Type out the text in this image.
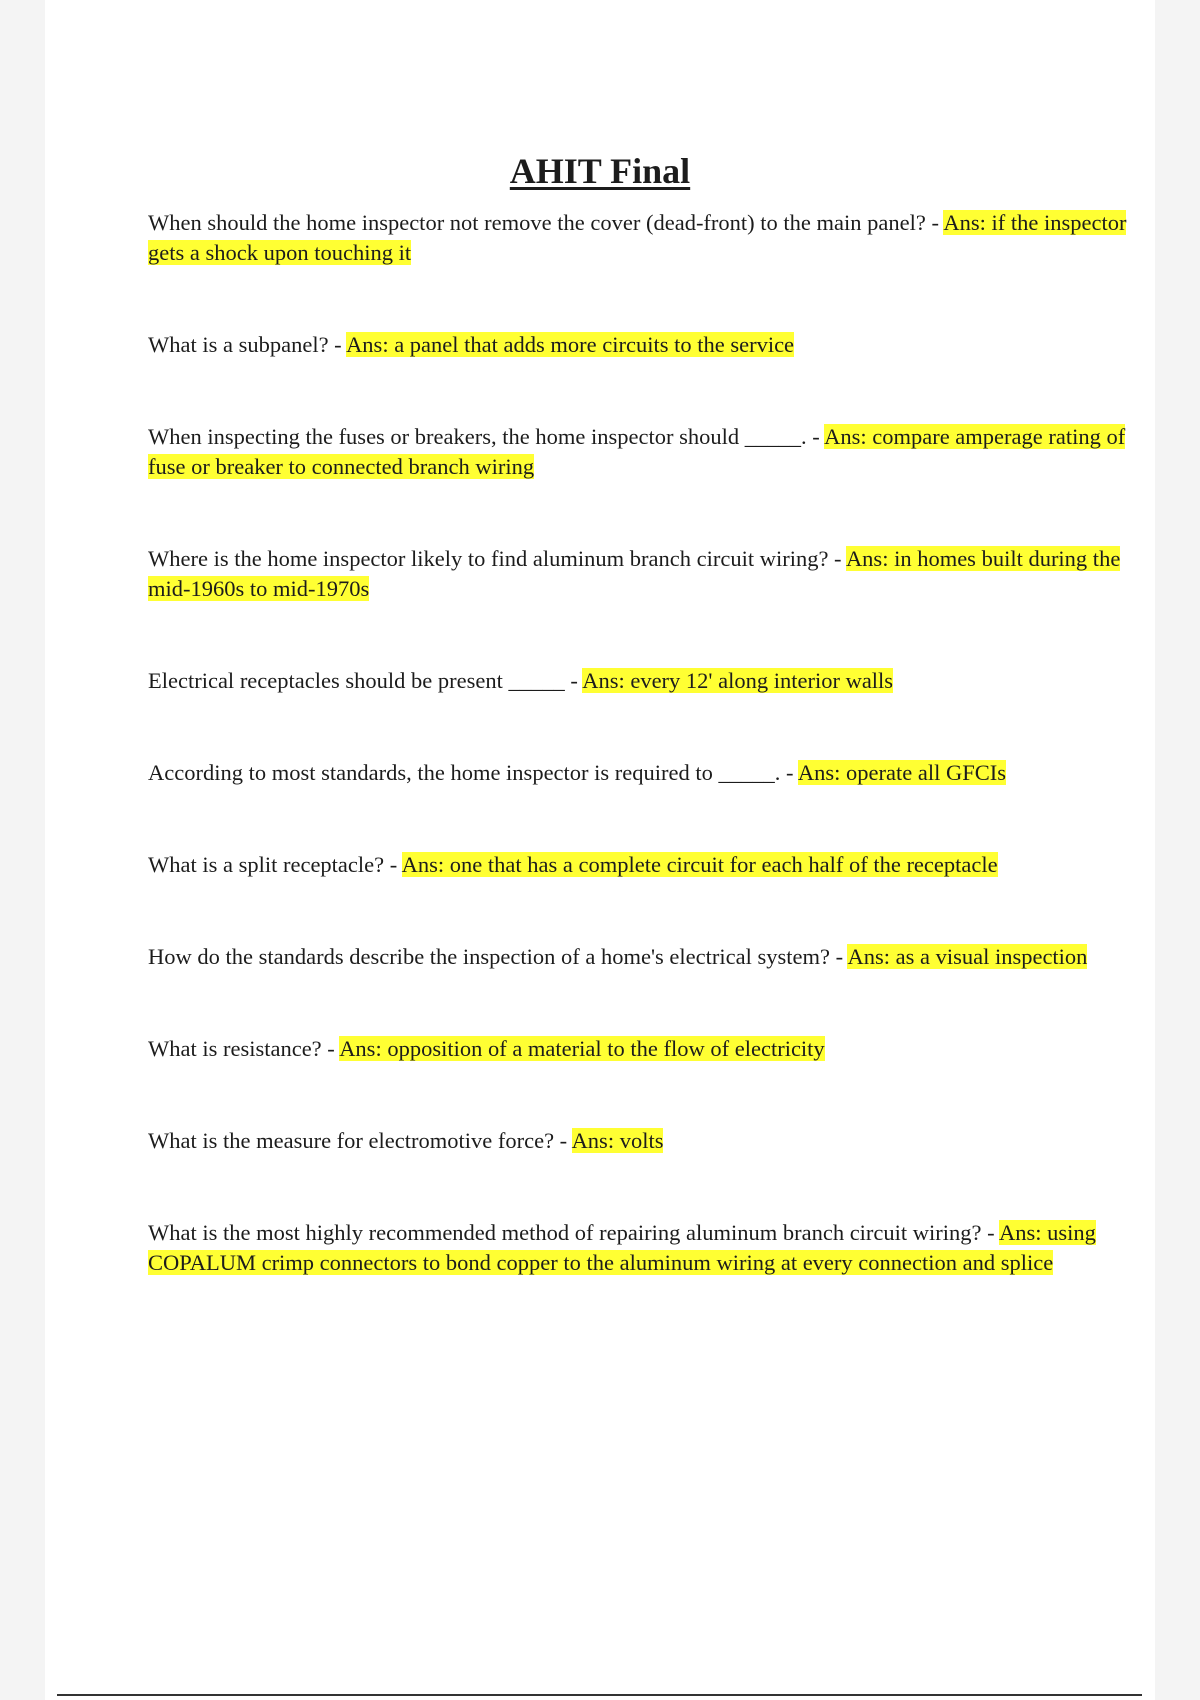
AHIT Final
When should the home inspector not remove the cover (dead-front) to the main panel? - Ans: if the inspector gets a shock upon touching it
What is a subpanel? - Ans: a panel that adds more circuits to the service
When inspecting the fuses or breakers, the home inspector should _____. - Ans: compare amperage rating of fuse or breaker to connected branch wiring
Where is the home inspector likely to find aluminum branch circuit wiring? - Ans: in homes built during the mid-1960s to mid-1970s
Electrical receptacles should be present _____ - Ans: every 12' along interior walls
According to most standards, the home inspector is required to _____. - Ans: operate all GFCIs
What is a split receptacle? - Ans: one that has a complete circuit for each half of the receptacle
How do the standards describe the inspection of a home's electrical system? - Ans: as a visual inspection
What is resistance? - Ans: opposition of a material to the flow of electricity
What is the measure for electromotive force? - Ans: volts
What is the most highly recommended method of repairing aluminum branch circuit wiring? - Ans: using COPALUM crimp connectors to bond copper to the aluminum wiring at every connection and splice
